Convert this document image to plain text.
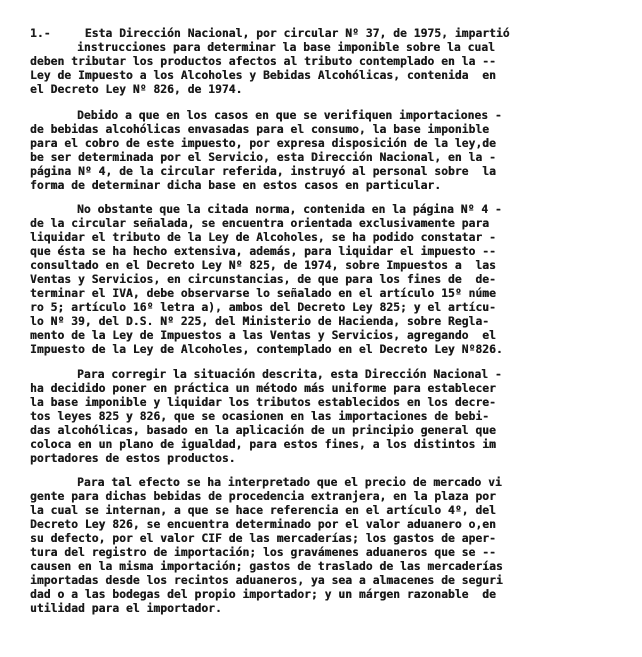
1.-     Esta Dirección Nacional, por circular Nº 37, de 1975, impartió
instrucciones para determinar la base imponible sobre la cual
deben tributar los productos afectos al tributo contemplado en la --
Ley de Impuesto a los Alcoholes y Bebidas Alcohólicas, contenida  en
el Decreto Ley Nº 826, de 1974.
Debido a que en los casos en que se verifiquen importaciones -
de bebidas alcohólicas envasadas para el consumo, la base imponible
para el cobro de este impuesto, por expresa disposición de la ley,de
be ser determinada por el Servicio, esta Dirección Nacional, en la -
página Nº 4, de la circular referida, instruyó al personal sobre  la
forma de determinar dicha base en estos casos en particular.
No obstante que la citada norma, contenida en la página Nº 4 -
de la circular señalada, se encuentra orientada exclusivamente para
liquidar el tributo de la Ley de Alcoholes, se ha podido constatar -
que ésta se ha hecho extensiva, además, para liquidar el impuesto --
consultado en el Decreto Ley Nº 825, de 1974, sobre Impuestos a  las
Ventas y Servicios, en circunstancias, de que para los fines de  de-
terminar el IVA, debe observarse lo señalado en el artículo 15º núme
ro 5; artículo 16º letra a), ambos del Decreto Ley 825; y el artícu-
lo Nº 39, del D.S. Nº 225, del Ministerio de Hacienda, sobre Regla-
mento de la Ley de Impuestos a las Ventas y Servicios, agregando  el
Impuesto de la Ley de Alcoholes, contemplado en el Decreto Ley Nº826.
Para corregir la situación descrita, esta Dirección Nacional -
ha decidido poner en práctica un método más uniforme para establecer
la base imponible y liquidar los tributos establecidos en los decre-
tos leyes 825 y 826, que se ocasionen en las importaciones de bebi-
das alcohólicas, basado en la aplicación de un principio general que
coloca en un plano de igualdad, para estos fines, a los distintos im
portadores de estos productos.
Para tal efecto se ha interpretado que el precio de mercado vi
gente para dichas bebidas de procedencia extranjera, en la plaza por
la cual se internan, a que se hace referencia en el artículo 4º, del
Decreto Ley 826, se encuentra determinado por el valor aduanero o,en
su defecto, por el valor CIF de las mercaderías; los gastos de aper-
tura del registro de importación; los gravámenes aduaneros que se --
causen en la misma importación; gastos de traslado de las mercaderías
importadas desde los recintos aduaneros, ya sea a almacenes de seguri
dad o a las bodegas del propio importador; y un márgen razonable  de
utilidad para el importador.
